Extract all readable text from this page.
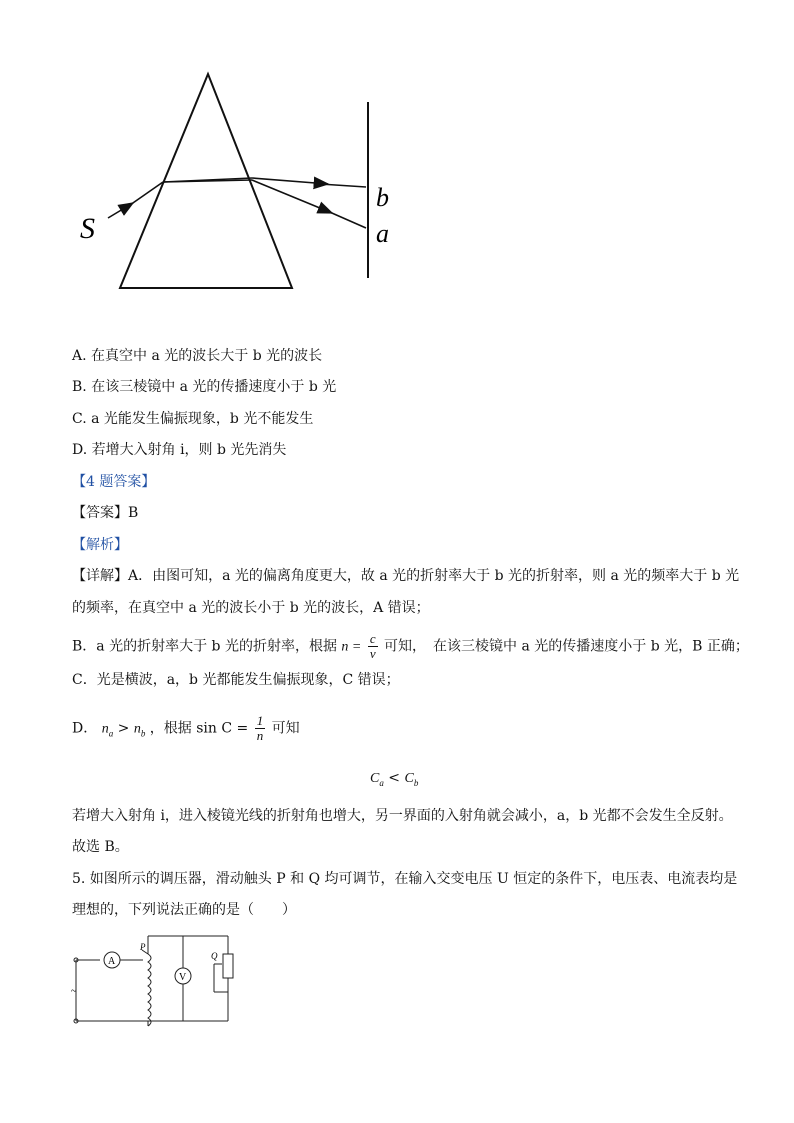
S
b
a
A. 在真空中 a 光的波长大于 b 光的波长
B. 在该三棱镜中 a 光的传播速度小于 b 光
C. a 光能发生偏振现象，b 光不能发生
D. 若增大入射角 i，则 b 光先消失
【4 题答案】
【答案】B
【解析】
【详解】A．由图可知，a 光的偏离角度更大，故 a 光的折射率大于 b 光的折射率，则 a 光的频率大于 b 光
的频率，在真空中 a 光的波长小于 b 光的波长，A 错误；
B．a 光的折射率大于 b 光的折射率，根据 $n = \frac{c}{v}$ 可知，　在该三棱镜中 a 光的传播速度小于 b 光，B 正确；
C．光是横波，a，b 光都能发生偏振现象，C 错误；
D． $n_a > n_b$ ，根据 $\sin C = \frac{1}{n}$ 可知
$C_a < C_b$
若增大入射角 i，进入棱镜光线的折射角也增大，另一界面的入射角就会减小，a，b 光都不会发生全反射。
故选 B。
5. 如图所示的调压器，滑动触头 P 和 Q 均可调节，在输入交变电压 U 恒定的条件下，电压表、电流表均是
理想的，下列说法正确的是（　　）
A
V
P
Q
~
